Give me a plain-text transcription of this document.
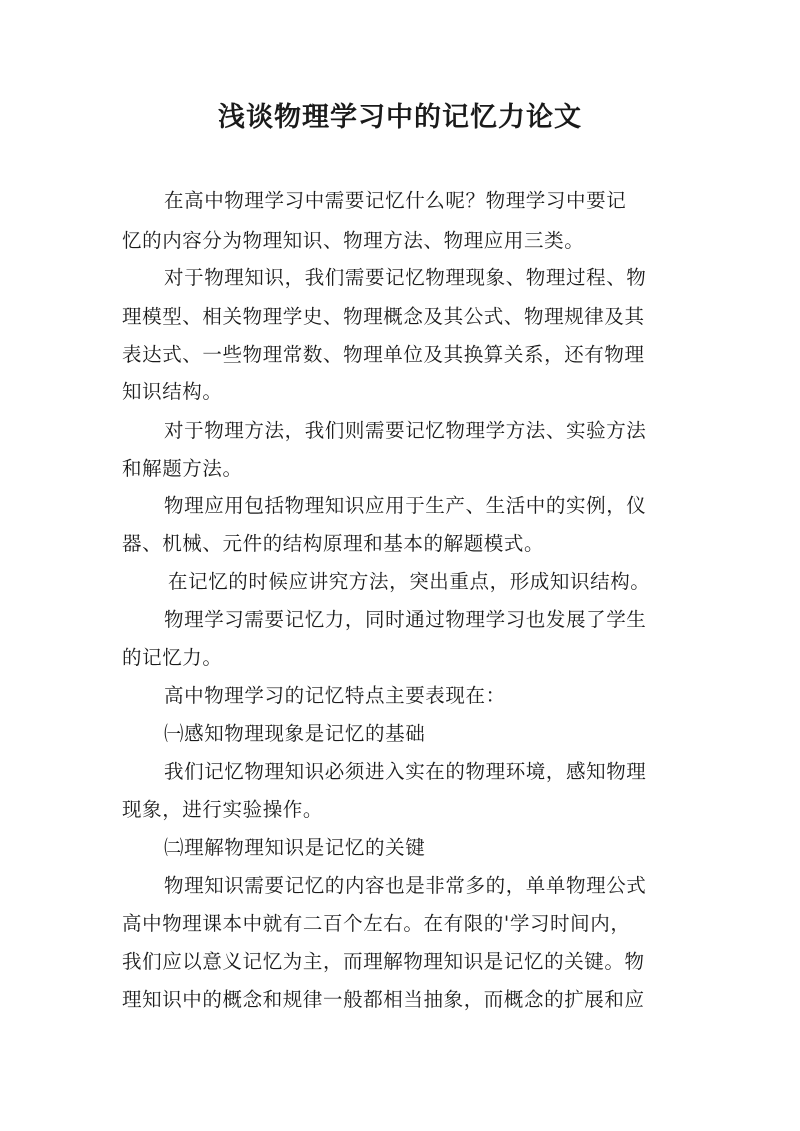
浅谈物理学习中的记忆力论文

在高中物理学习中需要记忆什么呢？物理学习中要记

忆的内容分为物理知识、物理方法、物理应用三类。

对于物理知识，我们需要记忆物理现象、物理过程、物

理模型、相关物理学史、物理概念及其公式、物理规律及其

表达式、一些物理常数、物理单位及其换算关系，还有物理

知识结构。

对于物理方法，我们则需要记忆物理学方法、实验方法

和解题方法。

物理应用包括物理知识应用于生产、生活中的实例，仪

器、机械、元件的结构原理和基本的解题模式。

在记忆的时候应讲究方法，突出重点，形成知识结构。

物理学习需要记忆力，同时通过物理学习也发展了学生

的记忆力。

高中物理学习的记忆特点主要表现在：

㈠感知物理现象是记忆的基础

我们记忆物理知识必须进入实在的物理环境，感知物理

现象，进行实验操作。

㈡理解物理知识是记忆的关键

物理知识需要记忆的内容也是非常多的，单单物理公式

高中物理课本中就有二百个左右。在有限的'学习时间内，

我们应以意义记忆为主，而理解物理知识是记忆的关键。物

理知识中的概念和规律一般都相当抽象，而概念的扩展和应
